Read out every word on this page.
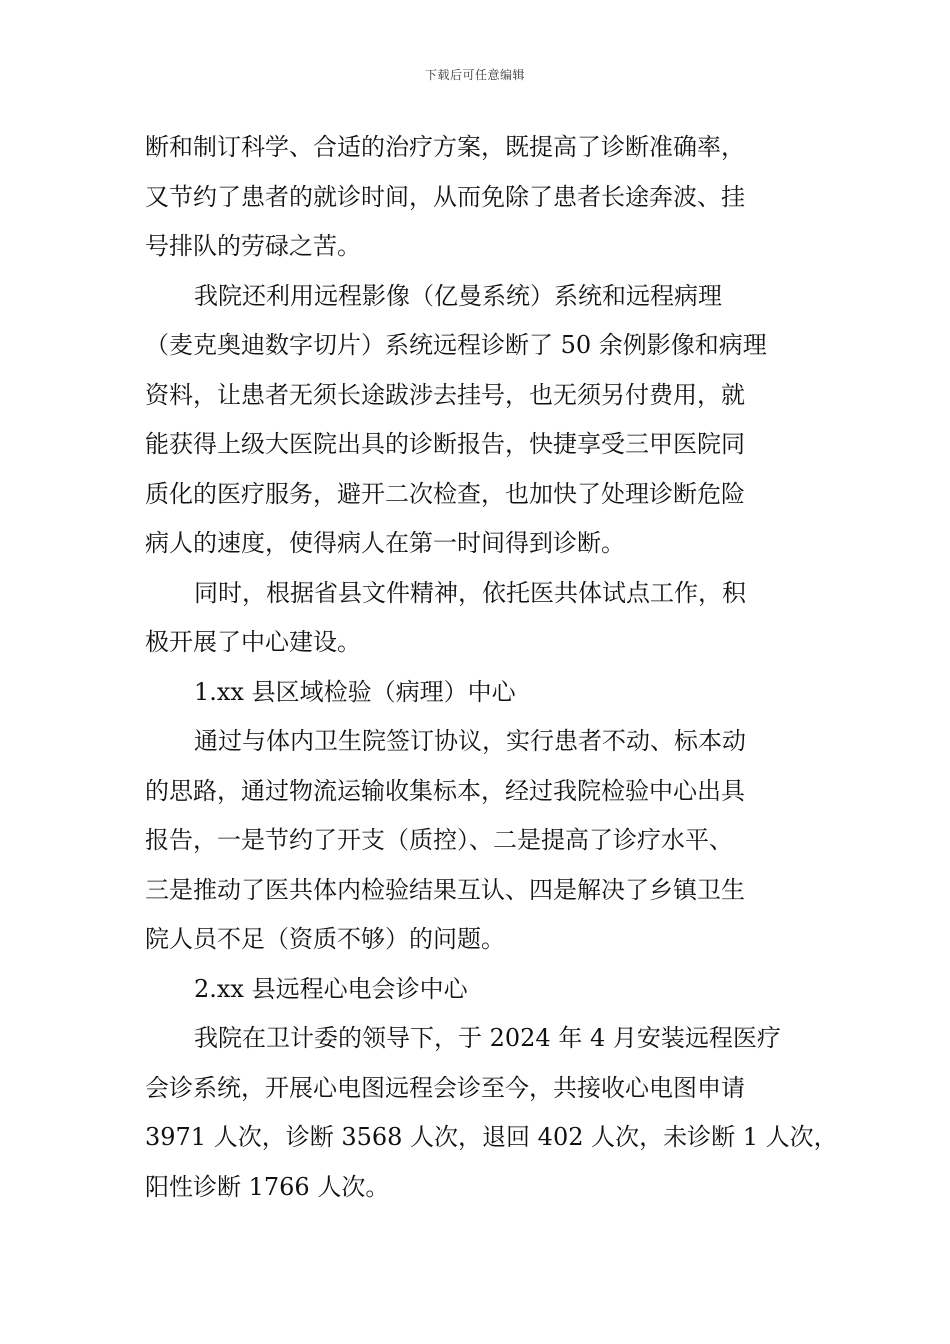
下载后可任意编辑

断和制订科学、合适的治疗方案，既提高了诊断准确率，

又节约了患者的就诊时间，从而免除了患者长途奔波、挂

号排队的劳碌之苦。

我院还利用远程影像（亿曼系统）系统和远程病理

（麦克奥迪数字切片）系统远程诊断了 50 余例影像和病理

资料，让患者无须长途跋涉去挂号，也无须另付费用，就

能获得上级大医院出具的诊断报告，快捷享受三甲医院同

质化的医疗服务，避开二次检查，也加快了处理诊断危险

病人的速度，使得病人在第一时间得到诊断。

同时，根据省县文件精神，依托医共体试点工作，积

极开展了中心建设。

1.xx 县区域检验（病理）中心

通过与体内卫生院签订协议，实行患者不动、标本动

的思路，通过物流运输收集标本，经过我院检验中心出具

报告，一是节约了开支（质控）、二是提高了诊疗水平、

三是推动了医共体内检验结果互认、四是解决了乡镇卫生

院人员不足（资质不够）的问题。

2.xx 县远程心电会诊中心

我院在卫计委的领导下，于 2024 年 4 月安装远程医疗

会诊系统，开展心电图远程会诊至今，共接收心电图申请

3971 人次，诊断 3568 人次，退回 402 人次，未诊断 1 人次，

阳性诊断 1766 人次。
